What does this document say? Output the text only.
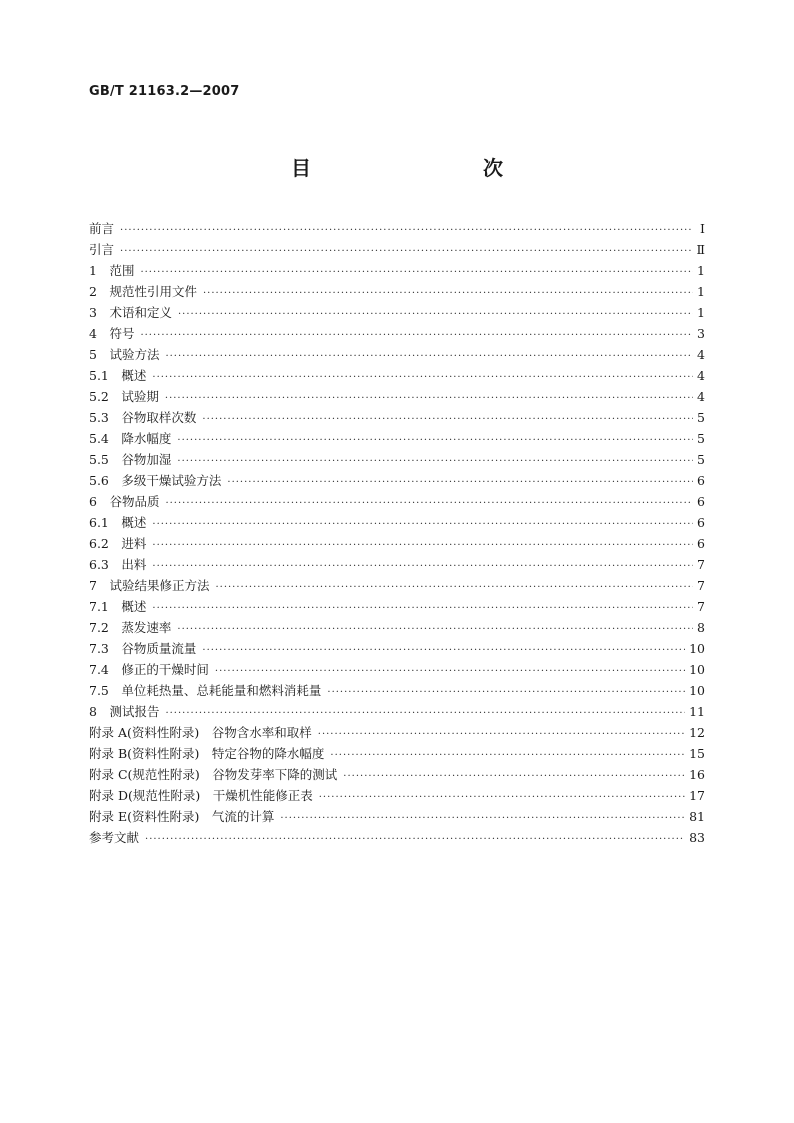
GB/T 21163.2—2007
目　　次
前言 ·····	Ⅰ
引言 ·····	Ⅱ
1　范围 ·····	1
2　规范性引用文件 ·····	1
3　术语和定义 ·····	1
4　符号 ·····	3
5　试验方法 ·····	4
5.1　概述 ·····	4
5.2　试验期 ·····	4
5.3　谷物取样次数 ·····	5
5.4　降水幅度 ·····	5
5.5　谷物加湿 ·····	5
5.6　多级干燥试验方法 ·····	6
6　谷物品质 ·····	6
6.1　概述 ·····	6
6.2　进料 ·····	6
6.3　出料 ·····	7
7　试验结果修正方法 ·····	7
7.1　概述 ·····	7
7.2　蒸发速率 ·····	8
7.3　谷物质量流量 ·····	10
7.4　修正的干燥时间 ·····	10
7.5　单位耗热量、总耗能量和燃料消耗量 ·····	10
8　测试报告 ·····	11
附录 A(资料性附录)　谷物含水率和取样 ·····	12
附录 B(资料性附录)　特定谷物的降水幅度 ·····	15
附录 C(规范性附录)　谷物发芽率下降的测试 ·····	16
附录 D(规范性附录)　干燥机性能修正表 ·····	17
附录 E(资料性附录)　气流的计算 ·····	81
参考文献 ·····	83
